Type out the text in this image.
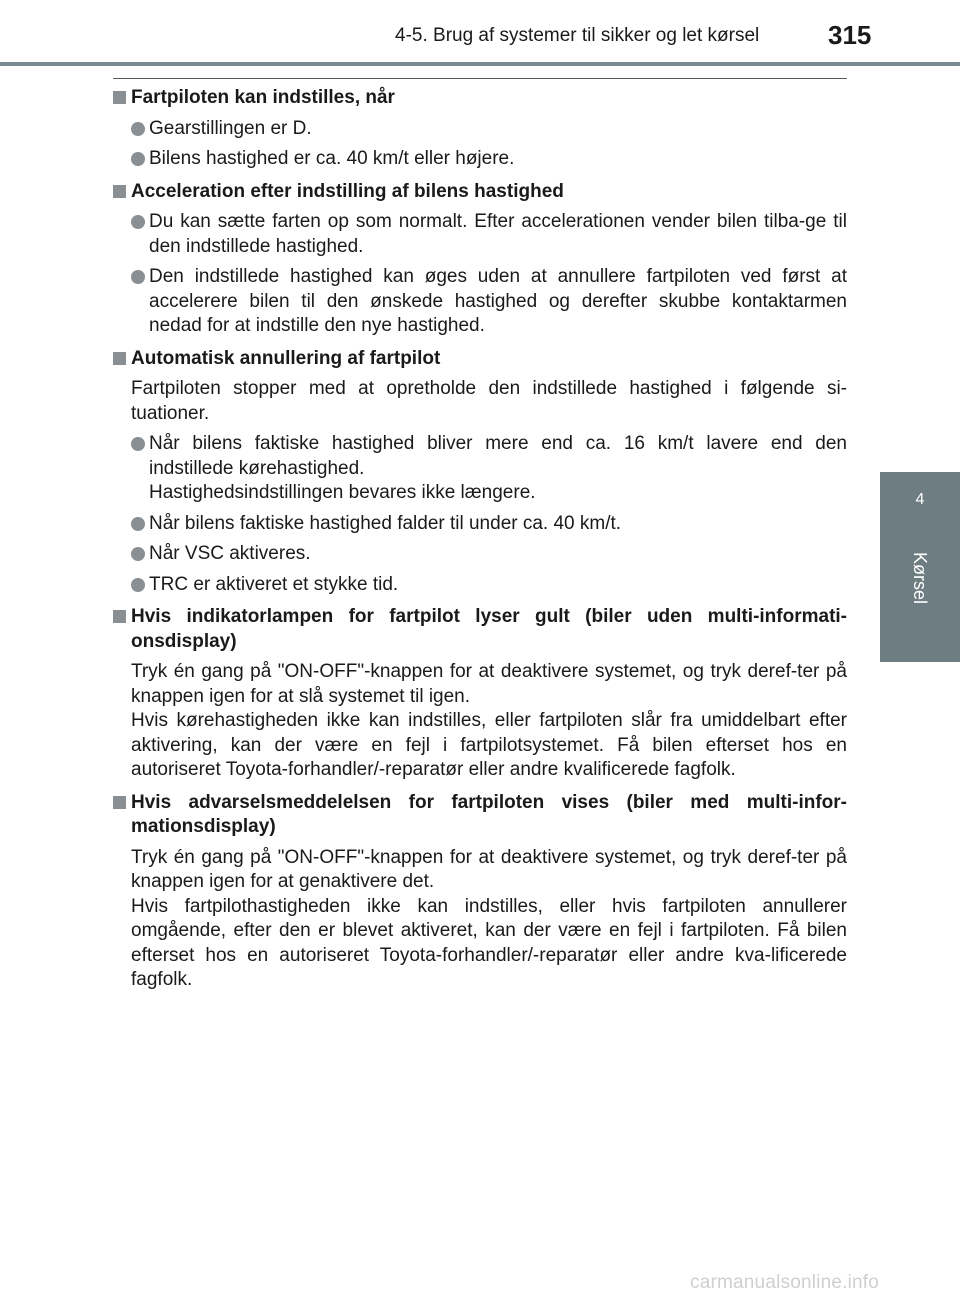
4-5. Brug af systemer til sikker og let kørsel	315
4
Kørsel
Fartpiloten kan indstilles, når
Gearstillingen er D.
Bilens hastighed er ca. 40 km/t eller højere.
Acceleration efter indstilling af bilens hastighed
Du kan sætte farten op som normalt. Efter accelerationen vender bilen tilba-ge til den indstillede hastighed.
Den indstillede hastighed kan øges uden at annullere fartpiloten ved først at accelerere bilen til den ønskede hastighed og derefter skubbe kontaktarmen nedad for at indstille den nye hastighed.
Automatisk annullering af fartpilot
Fartpiloten stopper med at opretholde den indstillede hastighed i følgende si-tuationer.
Når bilens faktiske hastighed bliver mere end ca. 16 km/t lavere end den indstillede kørehastighed.
Hastighedsindstillingen bevares ikke længere.
Når bilens faktiske hastighed falder til under ca. 40 km/t.
Når VSC aktiveres.
TRC er aktiveret et stykke tid.
Hvis indikatorlampen for fartpilot lyser gult (biler uden multi-informati-onsdisplay)
Tryk én gang på "ON-OFF"-knappen for at deaktivere systemet, og tryk deref-ter på knappen igen for at slå systemet til igen.
Hvis kørehastigheden ikke kan indstilles, eller fartpiloten slår fra umiddelbart efter aktivering, kan der være en fejl i fartpilotsystemet. Få bilen efterset hos en autoriseret Toyota-forhandler/-reparatør eller andre kvalificerede fagfolk.
Hvis advarselsmeddelelsen for fartpiloten vises (biler med multi-infor-mationsdisplay)
Tryk én gang på "ON-OFF"-knappen for at deaktivere systemet, og tryk deref-ter på knappen igen for at genaktivere det.
Hvis fartpilothastigheden ikke kan indstilles, eller hvis fartpiloten annullerer omgående, efter den er blevet aktiveret, kan der være en fejl i fartpiloten. Få bilen efterset hos en autoriseret Toyota-forhandler/-reparatør eller andre kva-lificerede fagfolk.
carmanualsonline.info
